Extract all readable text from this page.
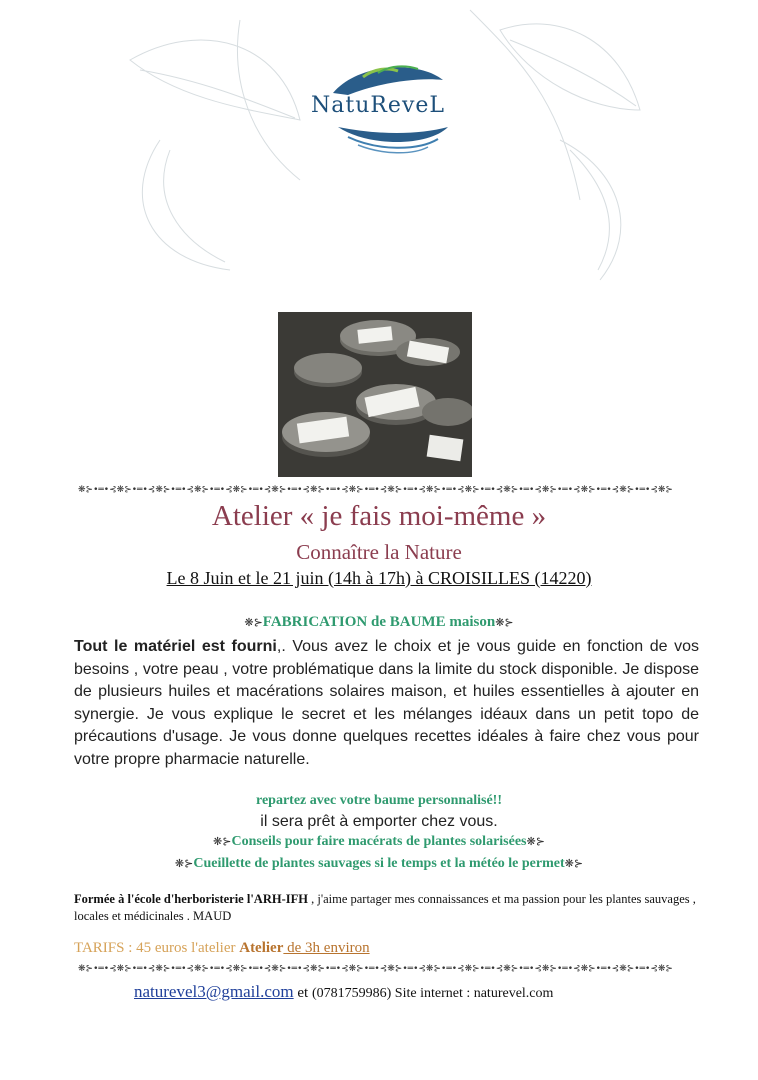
NatuReveL
❋⊱•═•⊰❋⊱•═•⊰❋⊱•═•⊰❋⊱•═•⊰❋⊱•═•⊰❋⊱•═•⊰❋⊱•═•⊰❋⊱•═•⊰❋⊱•═•⊰❋⊱•═•⊰❋⊱•═•⊰❋⊱•═•⊰❋⊱•═•⊰❋⊱•═•⊰❋⊱•═•⊰❋⊱
Atelier « je fais moi-même »
Connaître la Nature
Le 8 Juin et le 21 juin (14h à 17h) à CROISILLES (14220)
❋⊱FABRICATION de BAUME maison❋⊱
Tout le matériel est fourni,. Vous avez le choix et je vous guide en fonction de vos besoins , votre peau , votre problématique dans la limite du stock disponible. Je dispose de plusieurs huiles et macérations solaires maison, et huiles essentielles à ajouter en synergie. Je vous explique le secret et les mélanges idéaux dans un petit topo de précautions d'usage. Je vous donne quelques recettes idéales à faire chez vous pour votre propre pharmacie naturelle.
repartez avec votre baume personnalisé!!
il sera prêt à emporter chez vous.
❋⊱Conseils pour faire macérats de plantes solarisées❋⊱
❋⊱Cueillette de plantes sauvages si le temps et la météo le permet❋⊱
Formée à l'école d'herboristerie l'ARH-IFH , j'aime partager mes connaissances et ma passion pour les plantes sauvages , locales et médicinales . MAUD
TARIFS : 45 euros l'atelier Atelier de 3h environ
❋⊱•═•⊰❋⊱•═•⊰❋⊱•═•⊰❋⊱•═•⊰❋⊱•═•⊰❋⊱•═•⊰❋⊱•═•⊰❋⊱•═•⊰❋⊱•═•⊰❋⊱•═•⊰❋⊱•═•⊰❋⊱•═•⊰❋⊱•═•⊰❋⊱•═•⊰❋⊱•═•⊰❋⊱
naturevel3@gmail.com et (0781759986) Site internet : naturevel.com
